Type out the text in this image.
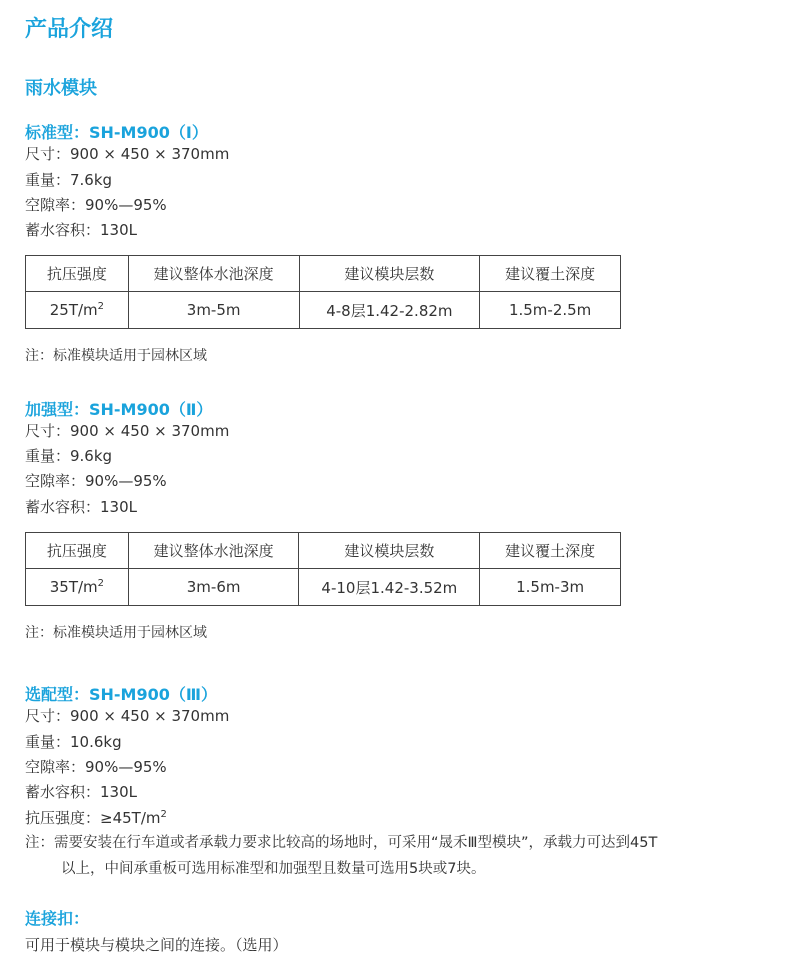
产品介绍
雨水模块
标准型：SH-M900（Ⅰ）
尺寸：900 × 450 × 370mm
重量：7.6kg
空隙率：90%—95%
蓄水容积：130L
抗压强度	建议整体水池深度	建议模块层数	建议覆土深度
$25T/m^2$	3m-5m	4-8层1.42-2.82m	1.5m-2.5m
注：标准模块适用于园林区域
加强型：SH-M900（Ⅱ）
尺寸：900 × 450 × 370mm
重量：9.6kg
空隙率：90%—95%
蓄水容积：130L
抗压强度	建议整体水池深度	建议模块层数	建议覆土深度
$35T/m^2$	3m-6m	4-10层1.42-3.52m	1.5m-3m
注：标准模块适用于园林区域
选配型：SH-M900（Ⅲ）
尺寸：900 × 450 × 370mm
重量：10.6kg
空隙率：90%—95%
蓄水容积：130L
抗压强度：$\ge 45T/m^2$
注：需要安装在行车道或者承载力要求比较高的场地时，可采用“晟禾Ⅲ型模块”，承载力可达到45T
以上，中间承重板可选用标准型和加强型且数量可选用5块或7块。
连接扣：
可用于模块与模块之间的连接。（选用）
